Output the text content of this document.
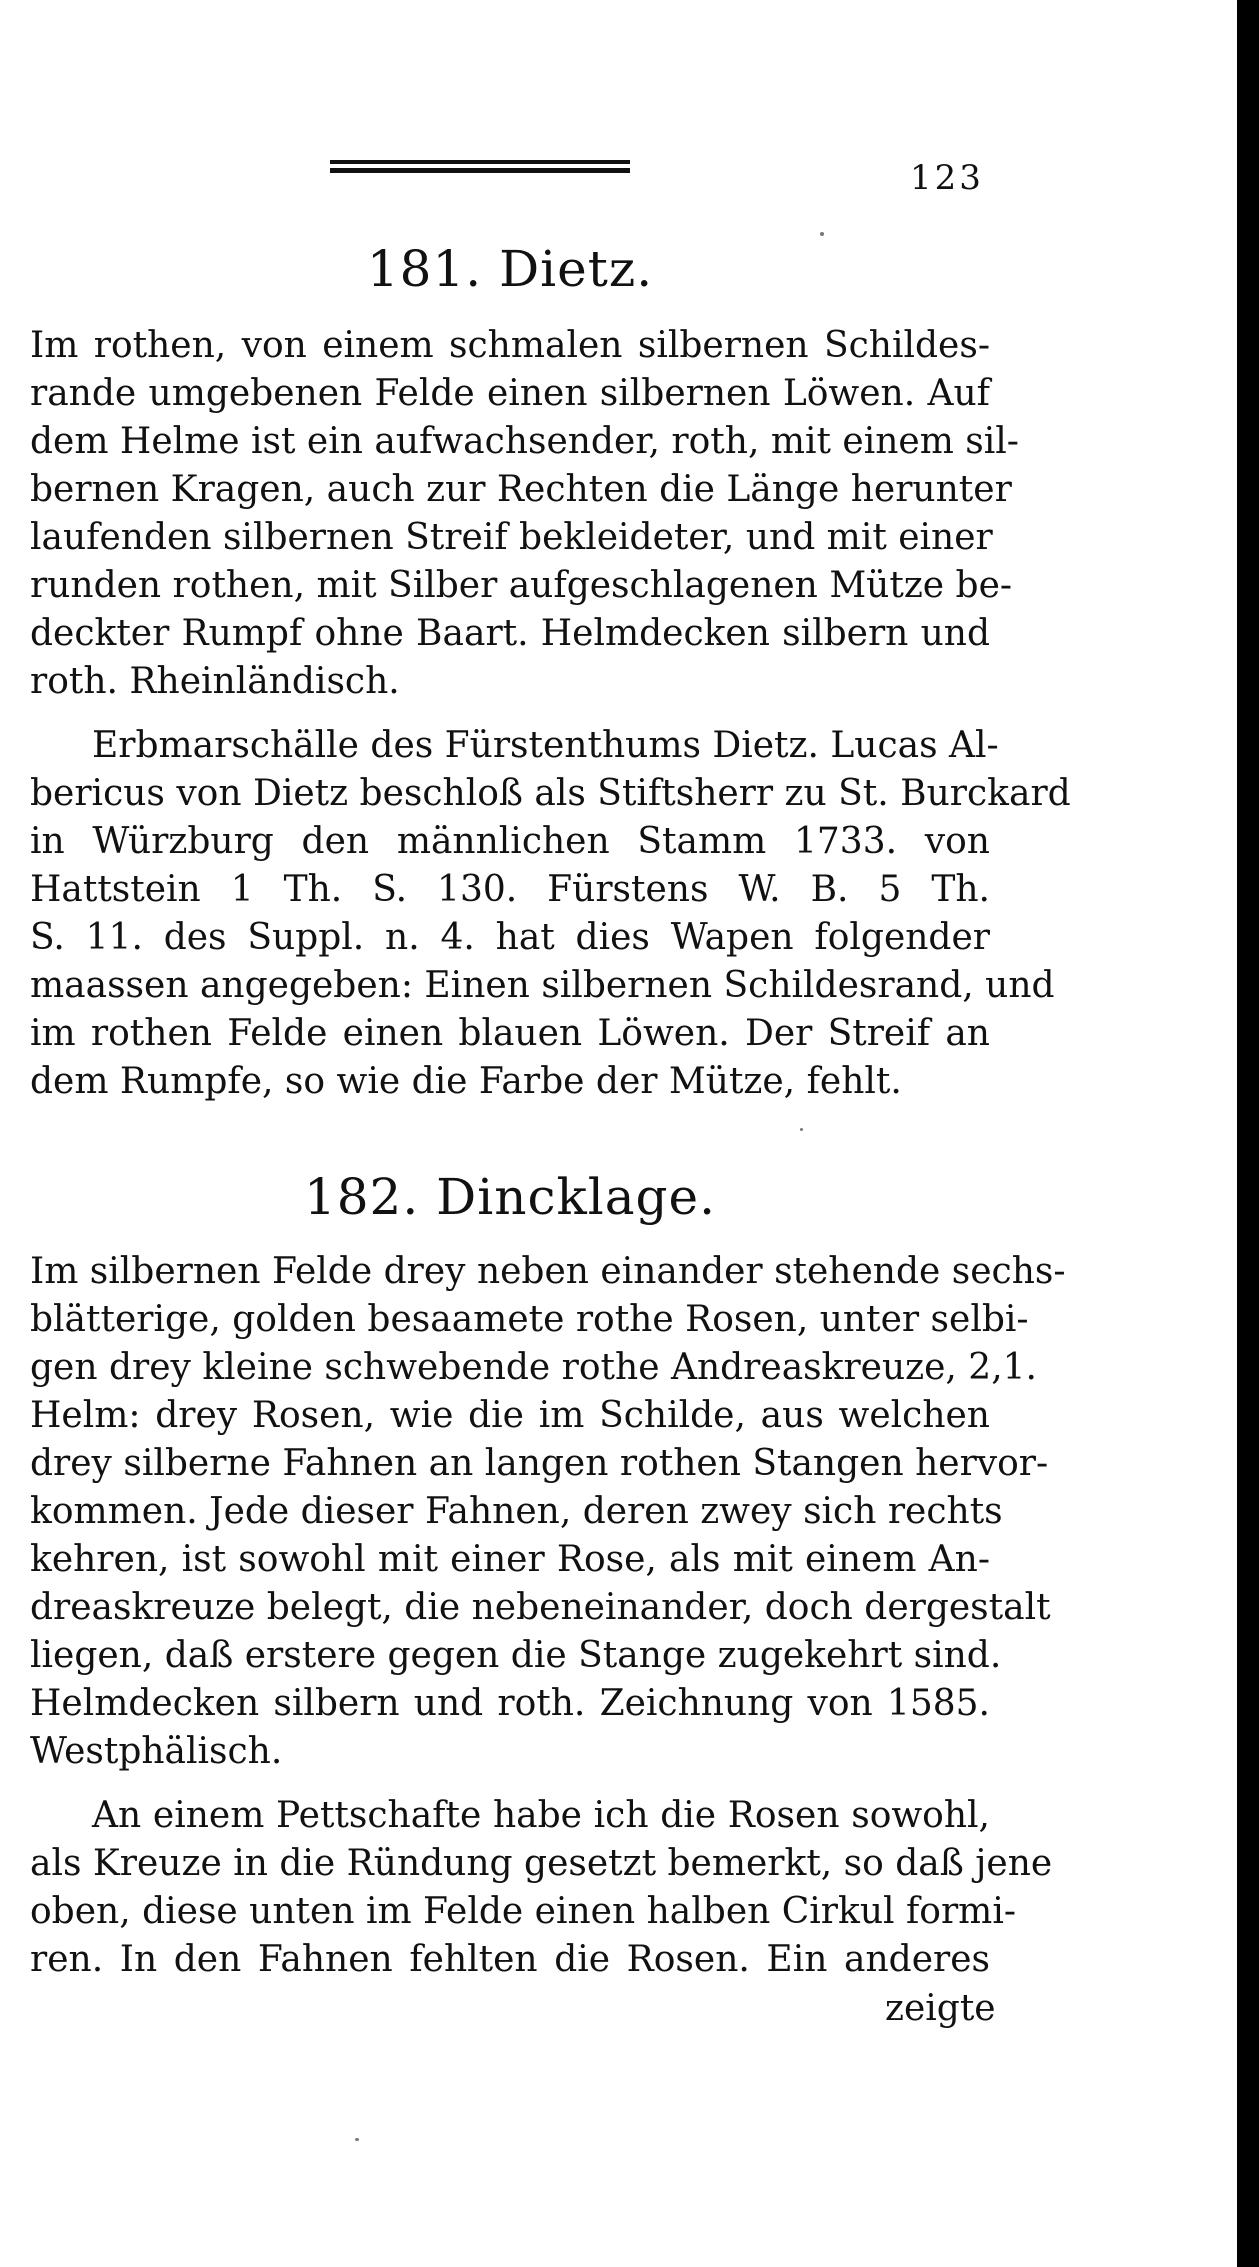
123
181. Dietz.
Im rothen, von einem schmalen silbernen Schildes-
rande umgebenen Felde einen silbernen Löwen. Auf
dem Helme ist ein aufwachsender, roth, mit einem sil-
bernen Kragen, auch zur Rechten die Länge herunter
laufenden silbernen Streif bekleideter, und mit einer
runden rothen, mit Silber aufgeschlagenen Mütze be-
deckter Rumpf ohne Baart. Helmdecken silbern und
roth. Rheinländisch.
Erbmarschälle des Fürstenthums Dietz. Lucas Al-
bericus von Dietz beschloß als Stiftsherr zu St. Burckard
in Würzburg den männlichen Stamm 1733. von
Hattstein 1 Th. S. 130. Fürstens W. B. 5 Th.
S. 11. des Suppl. n. 4. hat dies Wapen folgender
maassen angegeben: Einen silbernen Schildesrand, und
im rothen Felde einen blauen Löwen. Der Streif an
dem Rumpfe, so wie die Farbe der Mütze, fehlt.
182. Dincklage.
Im silbernen Felde drey neben einander stehende sechs-
blätterige, golden besaamete rothe Rosen, unter selbi-
gen drey kleine schwebende rothe Andreaskreuze, 2,1.
Helm: drey Rosen, wie die im Schilde, aus welchen
drey silberne Fahnen an langen rothen Stangen hervor-
kommen. Jede dieser Fahnen, deren zwey sich rechts
kehren, ist sowohl mit einer Rose, als mit einem An-
dreaskreuze belegt, die nebeneinander, doch dergestalt
liegen, daß erstere gegen die Stange zugekehrt sind.
Helmdecken silbern und roth. Zeichnung von 1585.
Westphälisch.
An einem Pettschafte habe ich die Rosen sowohl,
als Kreuze in die Ründung gesetzt bemerkt, so daß jene
oben, diese unten im Felde einen halben Cirkul formi-
ren. In den Fahnen fehlten die Rosen. Ein anderes
zeigte
